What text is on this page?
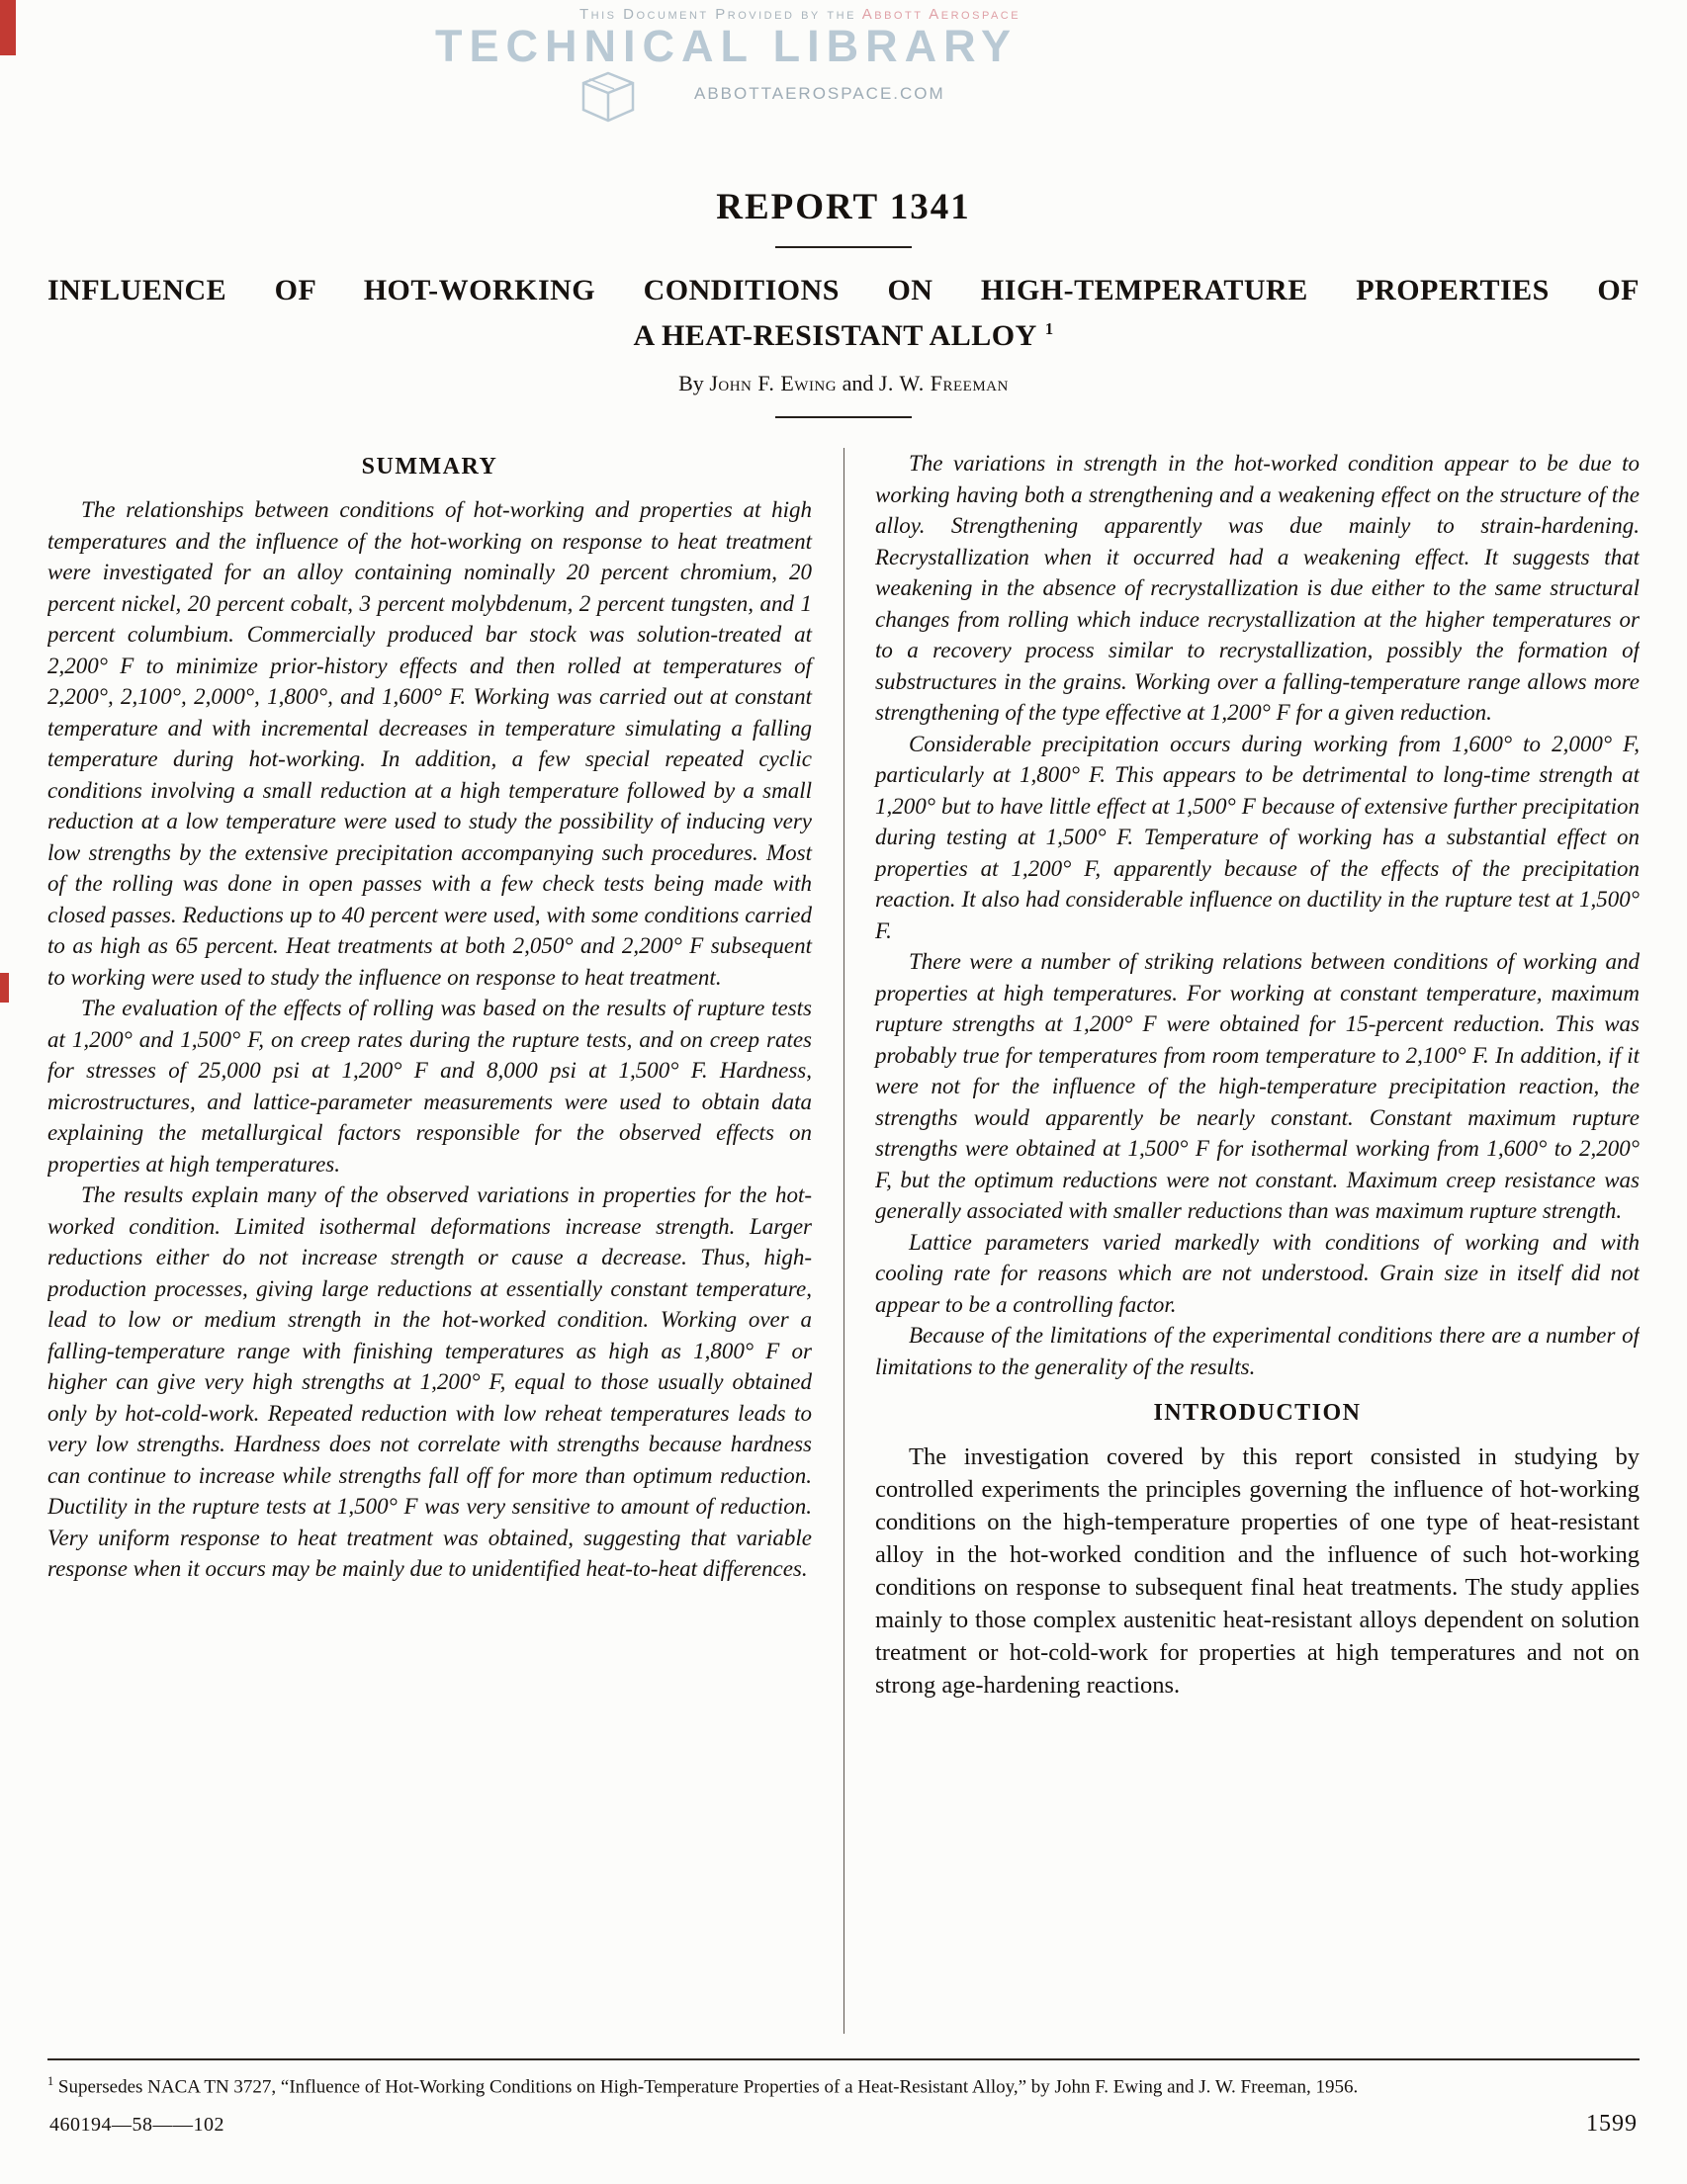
This Document Provided by the Abbott Aerospace
TECHNICAL LIBRARY
ABBOTTAEROSPACE.COM
REPORT 1341
INFLUENCE OF HOT-WORKING CONDITIONS ON HIGH-TEMPERATURE PROPERTIES OF
A HEAT-RESISTANT ALLOY $^1$
By John F. Ewing and J. W. Freeman
SUMMARY

The relationships between conditions of hot-working and properties at high temperatures and the influence of the hot-working on response to heat treatment were investigated for an alloy containing nominally 20 percent chromium, 20 percent nickel, 20 percent cobalt, 3 percent molybdenum, 2 percent tungsten, and 1 percent columbium. Commercially produced bar stock was solution-treated at 2,200° F to minimize prior-history effects and then rolled at temperatures of 2,200°, 2,100°, 2,000°, 1,800°, and 1,600° F. Working was carried out at constant temperature and with incremental decreases in temperature simulating a falling temperature during hot-working. In addition, a few special repeated cyclic conditions involving a small reduction at a high temperature followed by a small reduction at a low temperature were used to study the possibility of inducing very low strengths by the extensive precipitation accompanying such procedures. Most of the rolling was done in open passes with a few check tests being made with closed passes. Reductions up to 40 percent were used, with some conditions carried to as high as 65 percent. Heat treatments at both 2,050° and 2,200° F subsequent to working were used to study the influence on response to heat treatment.

The evaluation of the effects of rolling was based on the results of rupture tests at 1,200° and 1,500° F, on creep rates during the rupture tests, and on creep rates for stresses of 25,000 psi at 1,200° F and 8,000 psi at 1,500° F. Hardness, microstructures, and lattice-parameter measurements were used to obtain data explaining the metallurgical factors responsible for the observed effects on properties at high temperatures.

The results explain many of the observed variations in properties for the hot-worked condition. Limited isothermal deformations increase strength. Larger reductions either do not increase strength or cause a decrease. Thus, high-production processes, giving large reductions at essentially constant temperature, lead to low or medium strength in the hot-worked condition. Working over a falling-temperature range with finishing temperatures as high as 1,800° F or higher can give very high strengths at 1,200° F, equal to those usually obtained only by hot-cold-work. Repeated reduction with low reheat temperatures leads to very low strengths. Hardness does not correlate with strengths because hardness can continue to increase while strengths fall off for more than optimum reduction. Ductility in the rupture tests at 1,500° F was very sensitive to amount of reduction. Very uniform response to heat treatment was obtained, suggesting that variable response when it occurs may be mainly due to unidentified heat-to-heat differences.

The variations in strength in the hot-worked condition appear to be due to working having both a strengthening and a weakening effect on the structure of the alloy. Strengthening apparently was due mainly to strain-hardening. Recrystallization when it occurred had a weakening effect. It suggests that weakening in the absence of recrystallization is due either to the same structural changes from rolling which induce recrystallization at the higher temperatures or to a recovery process similar to recrystallization, possibly the formation of substructures in the grains. Working over a falling-temperature range allows more strengthening of the type effective at 1,200° F for a given reduction.

Considerable precipitation occurs during working from 1,600° to 2,000° F, particularly at 1,800° F. This appears to be detrimental to long-time strength at 1,200° but to have little effect at 1,500° F because of extensive further precipitation during testing at 1,500° F. Temperature of working has a substantial effect on properties at 1,200° F, apparently because of the effects of the precipitation reaction. It also had considerable influence on ductility in the rupture test at 1,500° F.

There were a number of striking relations between conditions of working and properties at high temperatures. For working at constant temperature, maximum rupture strengths at 1,200° F were obtained for 15-percent reduction. This was probably true for temperatures from room temperature to 2,100° F. In addition, if it were not for the influence of the high-temperature precipitation reaction, the strengths would apparently be nearly constant. Constant maximum rupture strengths were obtained at 1,500° F for isothermal working from 1,600° to 2,200° F, but the optimum reductions were not constant. Maximum creep resistance was generally associated with smaller reductions than was maximum rupture strength.

Lattice parameters varied markedly with conditions of working and with cooling rate for reasons which are not understood. Grain size in itself did not appear to be a controlling factor.

Because of the limitations of the experimental conditions there are a number of limitations to the generality of the results.

INTRODUCTION

The investigation covered by this report consisted in studying by controlled experiments the principles governing the influence of hot-working conditions on the high-temperature properties of one type of heat-resistant alloy in the hot-worked condition and the influence of such hot-working conditions on response to subsequent final heat treatments. The study applies mainly to those complex austenitic heat-resistant alloys dependent on solution treatment or hot-cold-work for properties at high temperatures and not on strong age-hardening reactions.

$^1$ Supersedes NACA TN 3727, “Influence of Hot-Working Conditions on High-Temperature Properties of a Heat-Resistant Alloy,” by John F. Ewing and J. W. Freeman, 1956.
460194—58——102	1599
